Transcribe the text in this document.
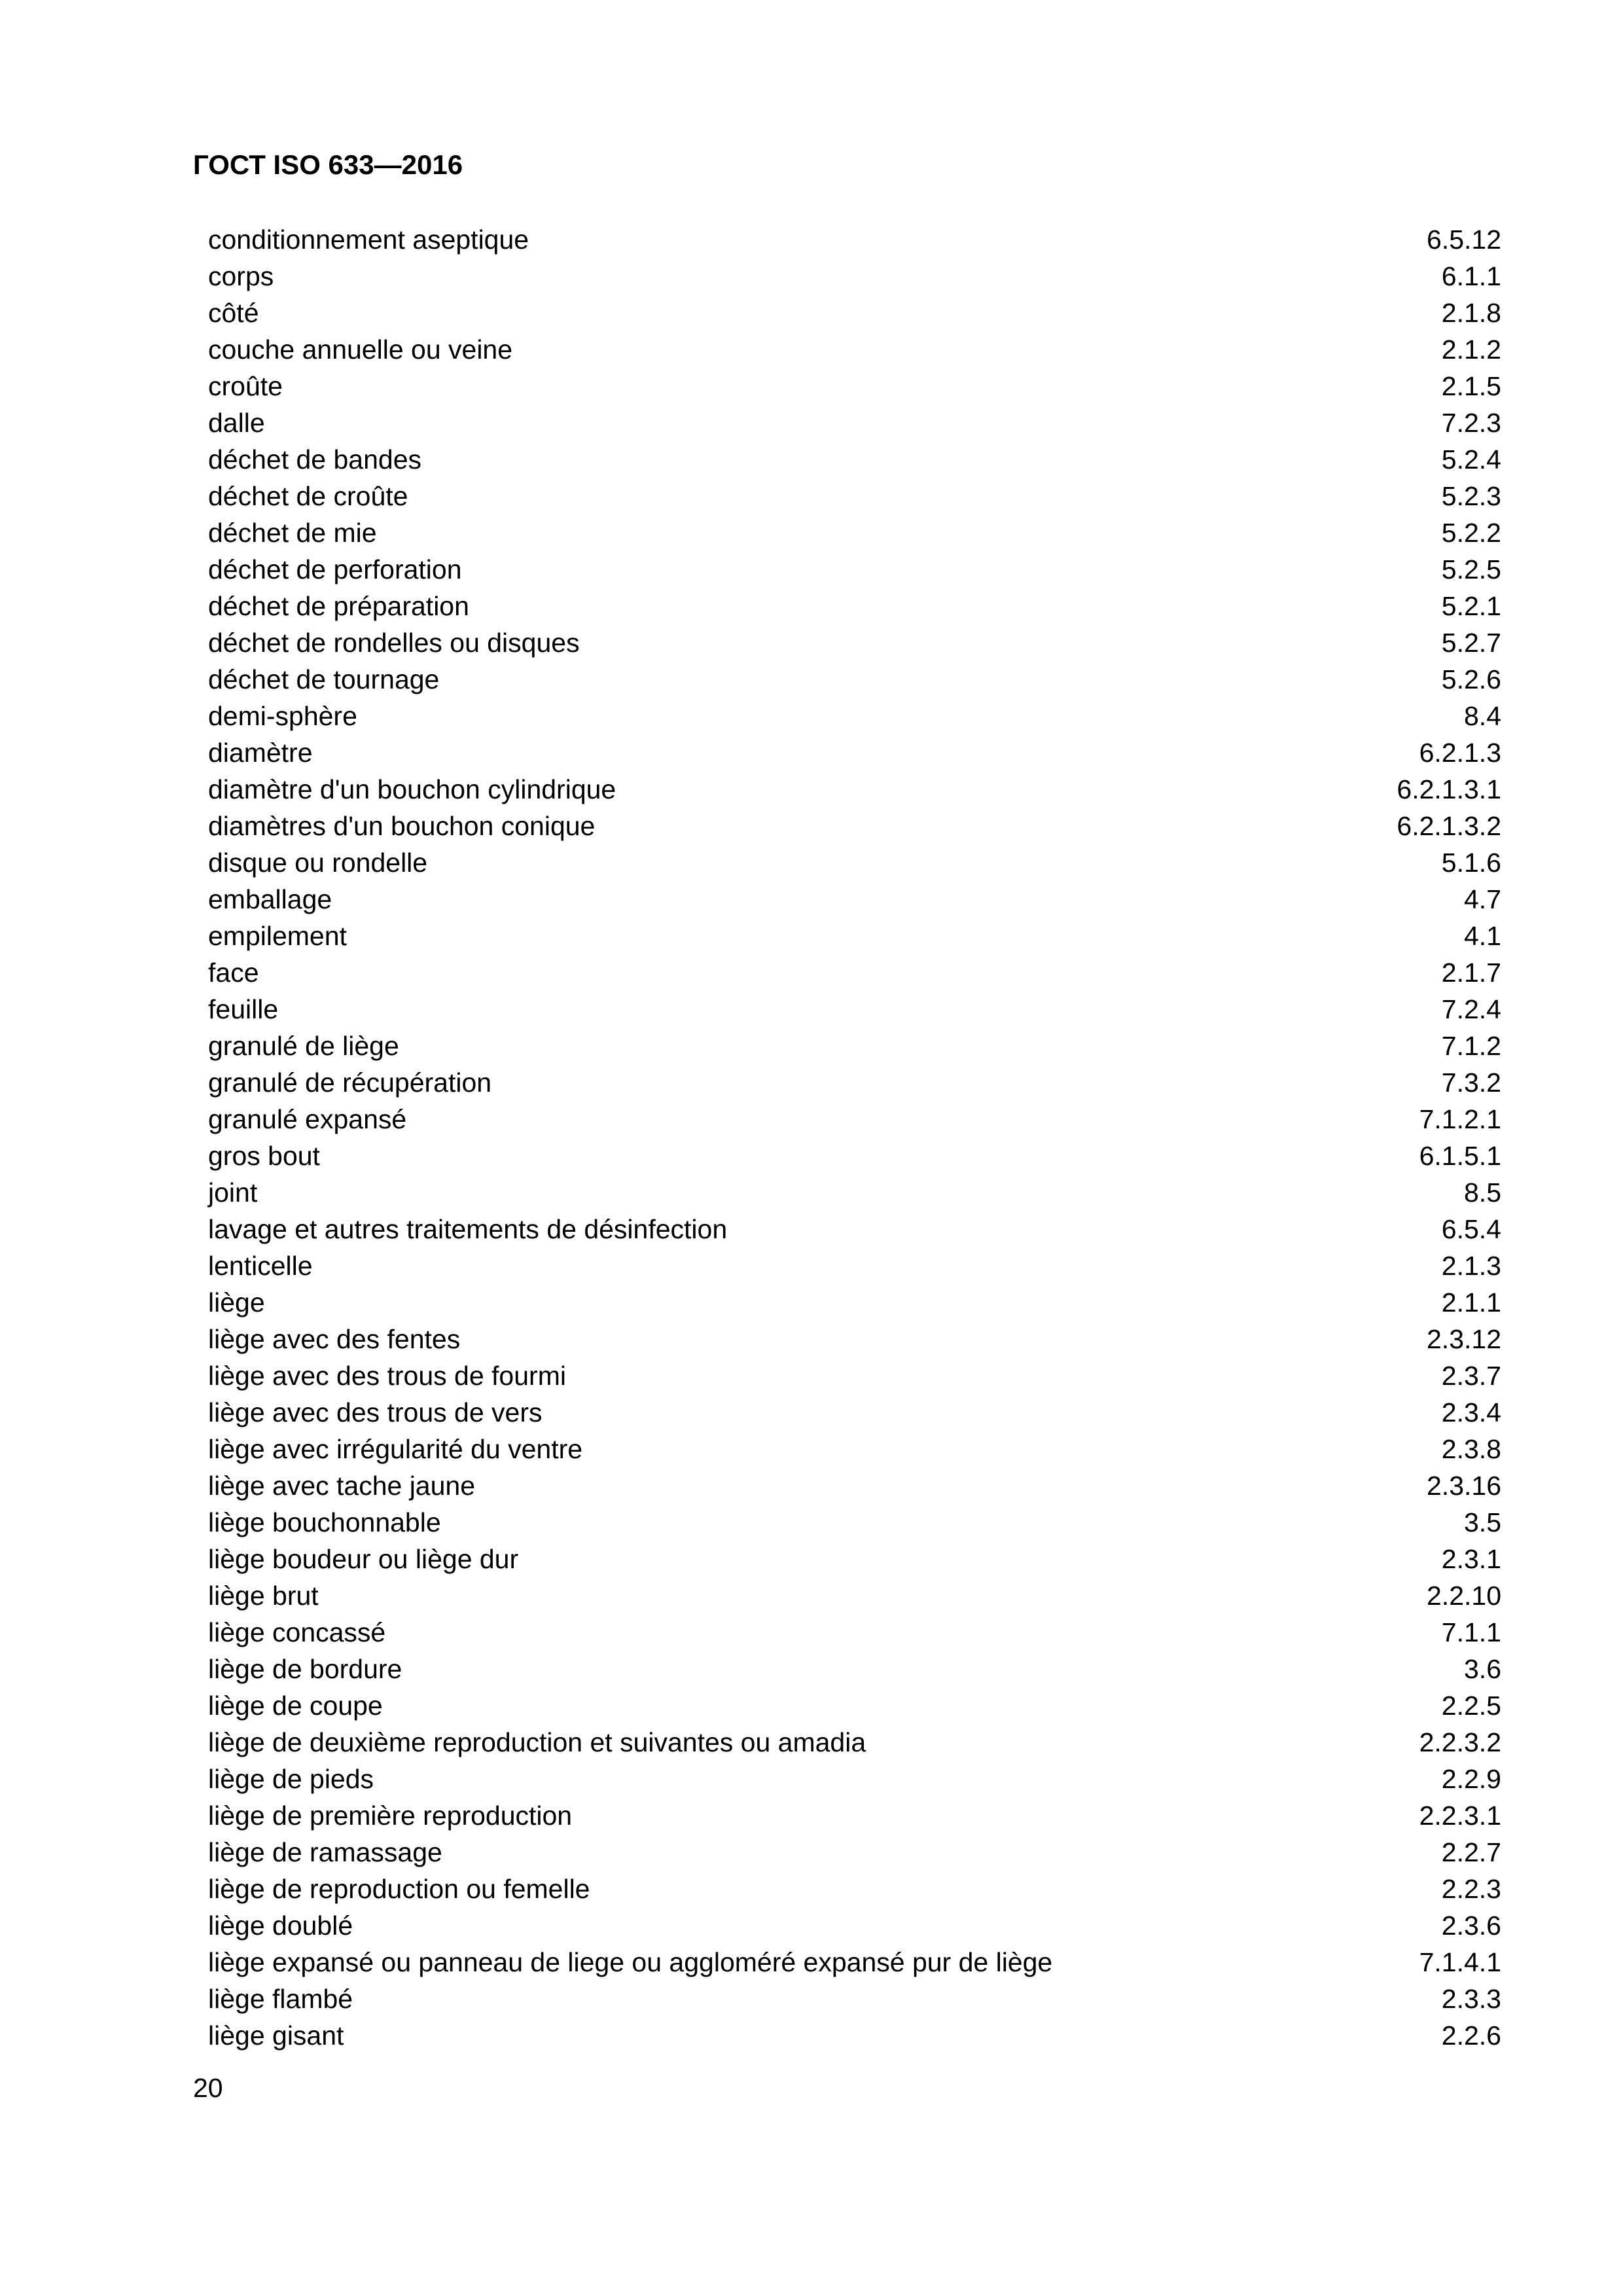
ГОСТ ISO 633—2016
conditionnement aseptique	6.5.12
corps	6.1.1
côté	2.1.8
couche annuelle ou veine	2.1.2
croûte	2.1.5
dalle	7.2.3
déchet de bandes	5.2.4
déchet de croûte	5.2.3
déchet de mie	5.2.2
déchet de perforation	5.2.5
déchet de préparation	5.2.1
déchet de rondelles ou disques	5.2.7
déchet de tournage	5.2.6
demi-sphère	8.4
diamètre	6.2.1.3
diamètre d'un bouchon cylindrique	6.2.1.3.1
diamètres d'un bouchon conique	6.2.1.3.2
disque ou rondelle	5.1.6
emballage	4.7
empilement	4.1
face	2.1.7
feuille	7.2.4
granulé de liège	7.1.2
granulé de récupération	7.3.2
granulé expansé	7.1.2.1
gros bout	6.1.5.1
joint	8.5
lavage et autres traitements de désinfection	6.5.4
lenticelle	2.1.3
liège	2.1.1
liège avec des fentes	2.3.12
liège avec des trous de fourmi	2.3.7
liège avec des trous de vers	2.3.4
liège avec irrégularité du ventre	2.3.8
liège avec tache jaune	2.3.16
liège bouchonnable	3.5
liège boudeur ou liège dur	2.3.1
liège brut	2.2.10
liège concassé	7.1.1
liège de bordure	3.6
liège de coupe	2.2.5
liège de deuxième reproduction et suivantes ou amadia	2.2.3.2
liège de pieds	2.2.9
liège de première reproduction	2.2.3.1
liège de ramassage	2.2.7
liège de reproduction ou femelle	2.2.3
liège doublé	2.3.6
liège expansé ou panneau de liege ou aggloméré expansé pur de liège	7.1.4.1
liège flambé	2.3.3
liège gisant	2.2.6
20
